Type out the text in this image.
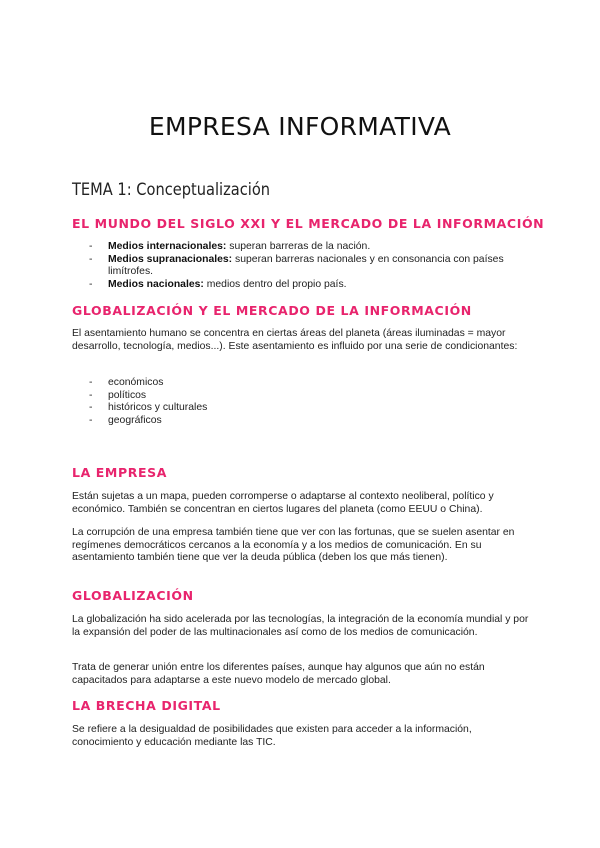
EMPRESA INFORMATIVA
TEMA 1: Conceptualización
EL MUNDO DEL SIGLO XXI Y EL MERCADO DE LA INFORMACIÓN
- Medios internacionales: superan barreras de la nación.
- Medios supranacionales: superan barreras nacionales y en consonancia con países limítrofes.
- Medios nacionales: medios dentro del propio país.
GLOBALIZACIÓN Y EL MERCADO DE LA INFORMACIÓN

El asentamiento humano se concentra en ciertas áreas del planeta (áreas iluminadas = mayor desarrollo, tecnología, medios...). Este asentamiento es influido por una serie de condicionantes:

- económicos
- políticos
- históricos y culturales
- geográficos
LA EMPRESA

Están sujetas a un mapa, pueden corromperse o adaptarse al contexto neoliberal, político y económico. También se concentran en ciertos lugares del planeta (como EEUU o China).

La corrupción de una empresa también tiene que ver con las fortunas, que se suelen asentar en regímenes democráticos cercanos a la economía y a los medios de comunicación. En su asentamiento también tiene que ver la deuda pública (deben los que más tienen).

GLOBALIZACIÓN

La globalización ha sido acelerada por las tecnologías, la integración de la economía mundial y por la expansión del poder de las multinacionales así como de los medios de comunicación.

Trata de generar unión entre los diferentes países, aunque hay algunos que aún no están capacitados para adaptarse a este nuevo modelo de mercado global.

LA BRECHA DIGITAL

Se refiere a la desigualdad de posibilidades que existen para acceder a la información, conocimiento y educación mediante las TIC.
